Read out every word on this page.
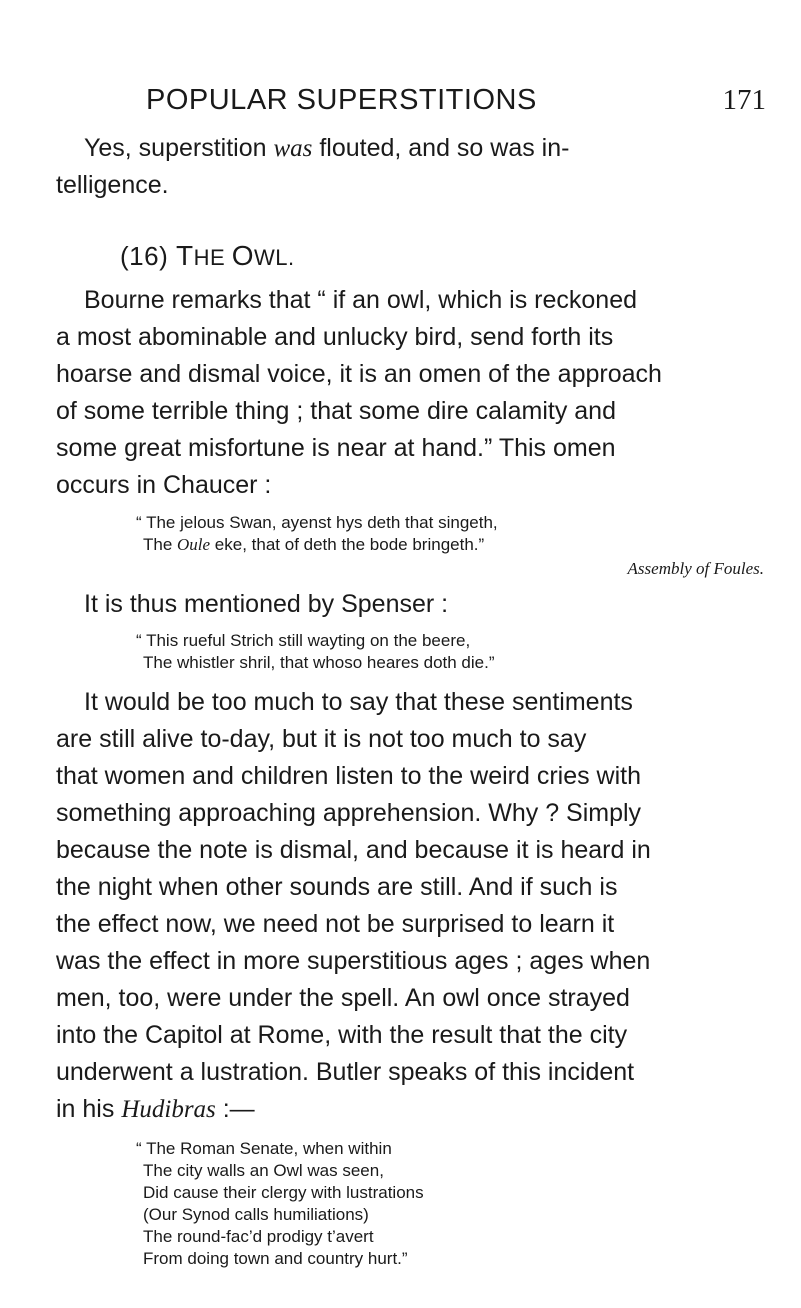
POPULAR SUPERSTITIONS	171

Yes, superstition was flouted, and so was in-
telligence.

(16) THE OWL.

Bourne remarks that “ if an owl, which is reckoned
a most abominable and unlucky bird, send forth its
hoarse and dismal voice, it is an omen of the approach
of some terrible thing ; that some dire calamity and
some great misfortune is near at hand.” This omen
occurs in Chaucer :

“ The jelous Swan, ayenst hys deth that singeth,
The Oule eke, that of deth the bode bringeth.”
Assembly of Foules.

It is thus mentioned by Spenser :

“ This rueful Strich still wayting on the beere,
The whistler shril, that whoso heares doth die.”

It would be too much to say that these sentiments
are still alive to-day, but it is not too much to say
that women and children listen to the weird cries with
something approaching apprehension. Why ? Simply
because the note is dismal, and because it is heard in
the night when other sounds are still. And if such is
the effect now, we need not be surprised to learn it
was the effect in more superstitious ages ; ages when
men, too, were under the spell. An owl once strayed
into the Capitol at Rome, with the result that the city
underwent a lustration. Butler speaks of this incident
in his Hudibras :—

“ The Roman Senate, when within
The city walls an Owl was seen,
Did cause their clergy with lustrations
(Our Synod calls humiliations)
The round-fac’d prodigy t’avert
From doing town and country hurt.”
